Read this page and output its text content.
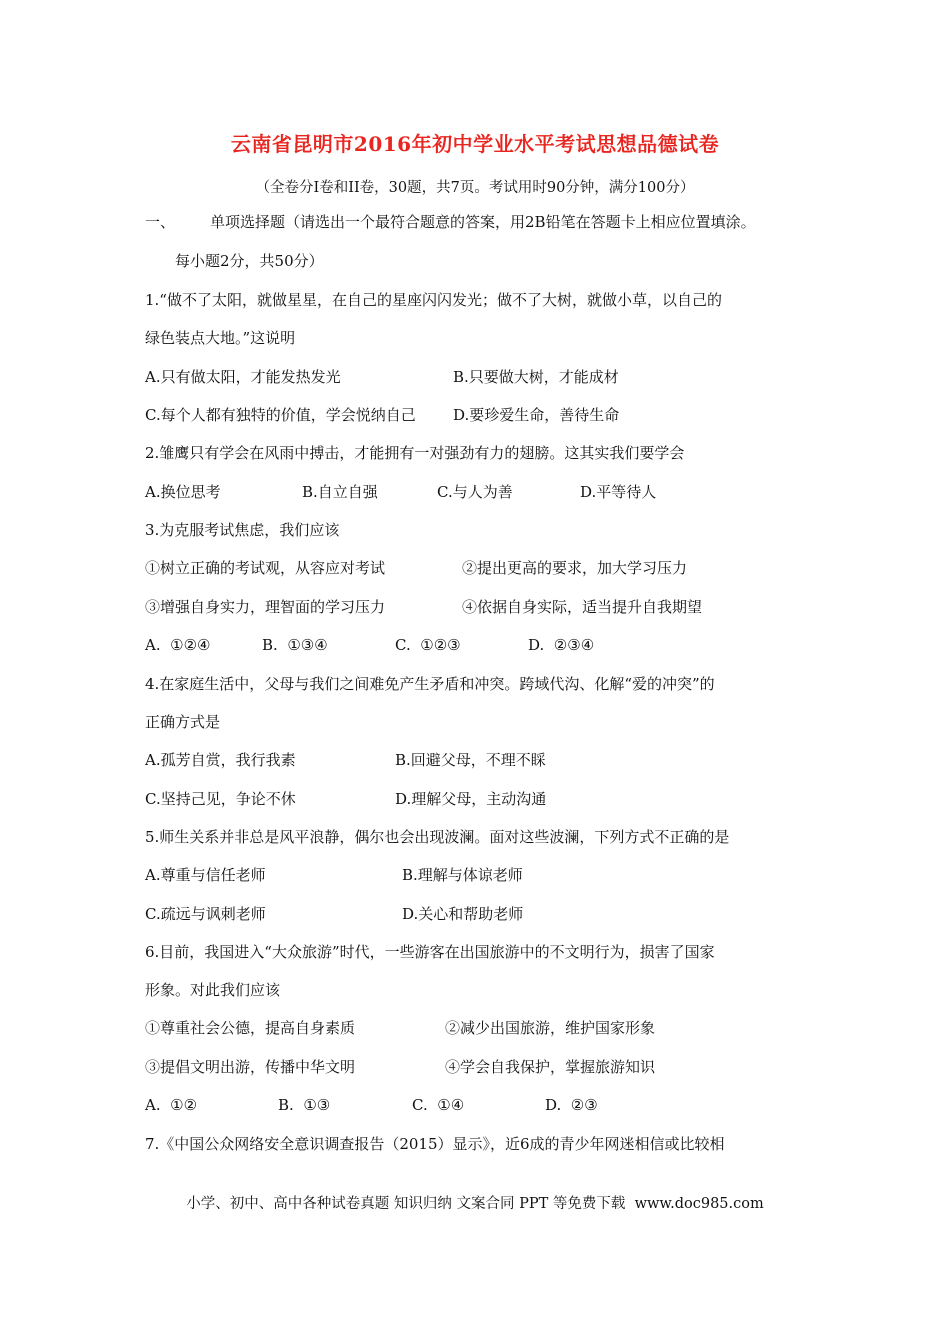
云南省昆明市2016年初中学业水平考试思想品德试卷
（全卷分I卷和II卷，30题，共7页。考试用时90分钟，满分100分）
一、 单项选择题（请选出一个最符合题意的答案，用2B铅笔在答题卡上相应位置填涂。
每小题2分，共50分）
1.“做不了太阳，就做星星，在自己的星座闪闪发光；做不了大树，就做小草，以自己的
绿色装点大地。”这说明
A.只有做太阳，才能发热发光	B.只要做大树，才能成材
C.每个人都有独特的价值，学会悦纳自己 D.要珍爱生命，善待生命
2.雏鹰只有学会在风雨中搏击，才能拥有一对强劲有力的翅膀。这其实我们要学会
A.换位思考	B.自立自强	C.与人为善	D.平等待人
3.为克服考试焦虑，我们应该
①树立正确的考试观，从容应对考试	②提出更高的要求，加大学习压力
③增强自身实力，理智面的学习压力	④依据自身实际，适当提升自我期望
A.  ①②④	B.  ①③④	C.  ①②③	D.  ②③④
4.在家庭生活中，父母与我们之间难免产生矛盾和冲突。跨域代沟、化解“爱的冲突”的
正确方式是
A.孤芳自赏，我行我素	B.回避父母，不理不睬
C.坚持己见，争论不休	D.理解父母，主动沟通
5.师生关系并非总是风平浪静，偶尔也会出现波澜。面对这些波澜，下列方式不正确的是
A.尊重与信任老师	B.理解与体谅老师
C.疏远与讽刺老师	D.关心和帮助老师
6.目前，我国进入“大众旅游”时代，一些游客在出国旅游中的不文明行为，损害了国家
形象。对此我们应该
①尊重社会公德，提高自身素质	②减少出国旅游，维护国家形象
③提倡文明出游，传播中华文明	④学会自我保护，掌握旅游知识
A.  ①②	B.  ①③	C.  ①④	D.  ②③
7.《中国公众网络安全意识调查报告（2015）显示》，近6成的青少年网迷相信或比较相
小学、初中、高中各种试卷真题 知识归纳 文案合同 PPT 等免费下载  www.doc985.com
